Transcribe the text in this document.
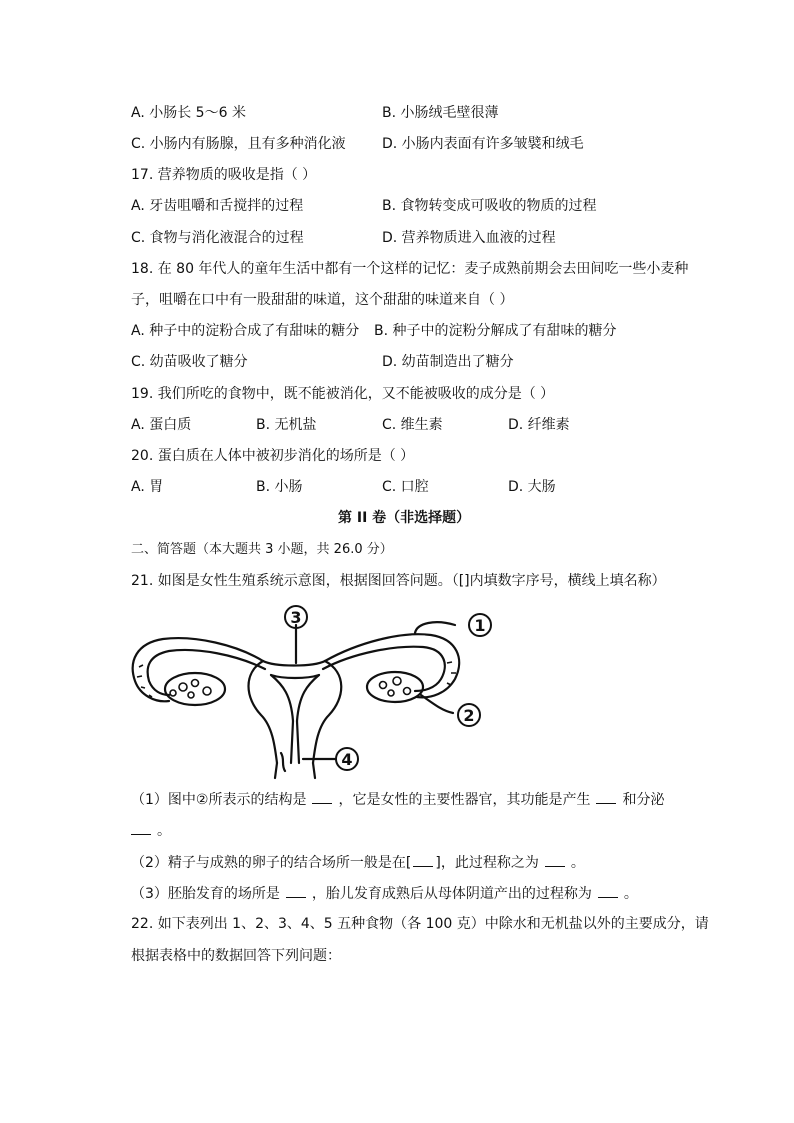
A. 小肠长 5～6 米	B. 小肠绒毛壁很薄
C. 小肠内有肠腺，且有多种消化液	D. 小肠内表面有许多皱襞和绒毛
17. 营养物质的吸收是指（ ）
A. 牙齿咀嚼和舌搅拌的过程	B. 食物转变成可吸收的物质的过程
C. 食物与消化液混合的过程	D. 营养物质进入血液的过程
18. 在 80 年代人的童年生活中都有一个这样的记忆：麦子成熟前期会去田间吃一些小麦种
子，咀嚼在口中有一股甜甜的味道，这个甜甜的味道来自（ ）
A. 种子中的淀粉合成了有甜味的糖分 B. 种子中的淀粉分解成了有甜味的糖分
C. 幼苗吸收了糖分	D. 幼苗制造出了糖分
19. 我们所吃的食物中，既不能被消化，又不能被吸收的成分是（ ）
A. 蛋白质	B. 无机盐	C. 维生素	D. 纤维素
20. 蛋白质在人体中被初步消化的场所是（ ）
A. 胃	B. 小肠	C. 口腔	D. 大肠
第 II 卷（非选择题）
二、简答题（本大题共 3 小题，共 26.0 分）
21. 如图是女性生殖系统示意图，根据图回答问题。（[]内填数字序号，横线上填名称）
3	1
2
4
（1）图中②所表示的结构是 ，它是女性的主要性器官，其功能是产生 和分泌
。
（2）精子与成熟的卵子的结合场所一般是在[ ]，此过程称之为 。
（3）胚胎发育的场所是 ，胎儿发育成熟后从母体阴道产出的过程称为 。
22. 如下表列出 1、2、3、4、5 五种食物（各 100 克）中除水和无机盐以外的主要成分，请
根据表格中的数据回答下列问题：
